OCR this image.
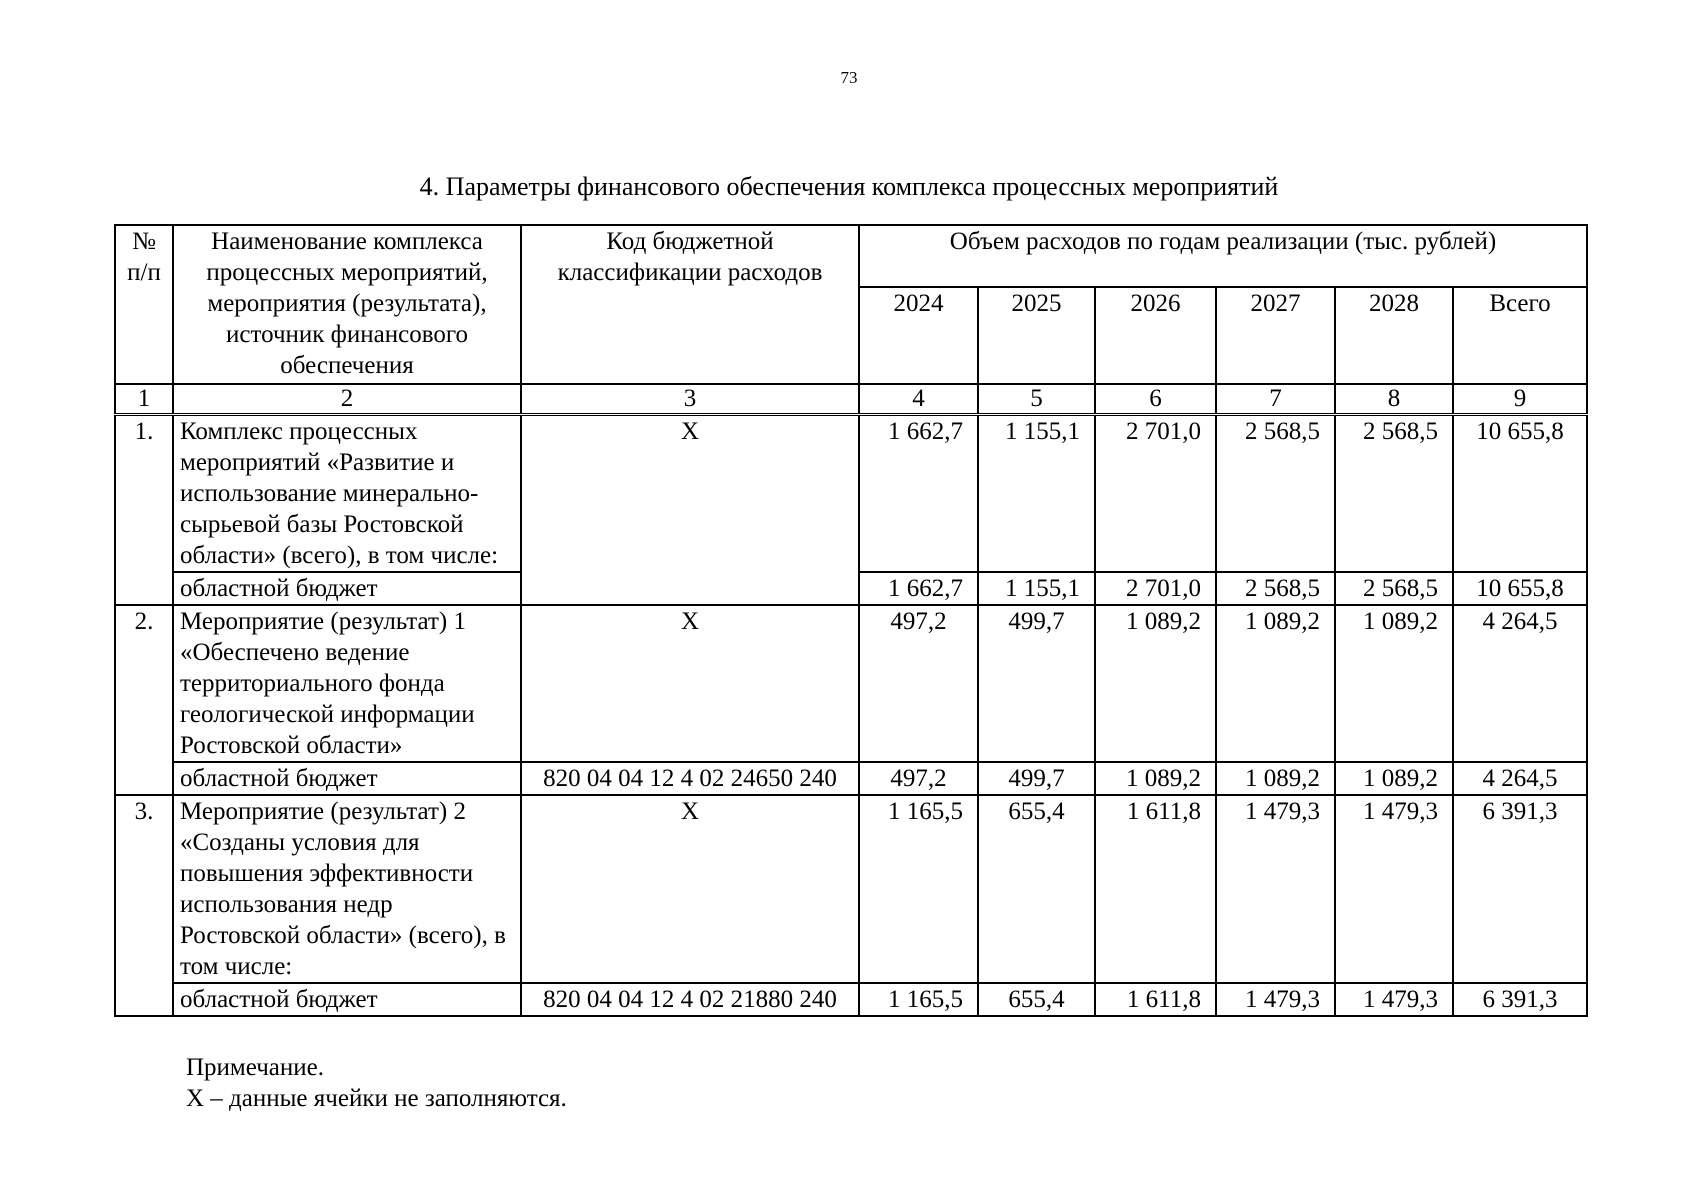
73
4. Параметры финансового обеспечения комплекса процессных мероприятий
№ п/п	Наименование комплекса процессных мероприятий, мероприятия (результата), источник финансового обеспечения	Код бюджетной классификации расходов	Объем расходов по годам реализации (тыс. рублей)					
			2024	2025	2026	2027	2028	Всего
1	2	3	4	5	6	7	8	9
1.	Комплекс процессных мероприятий «Развитие и использование минерально-сырьевой базы Ростовской области» (всего), в том числе:	X	1 662,7	1 155,1	2 701,0	2 568,5	2 568,5	10 655,8
	областной бюджет		1 662,7	1 155,1	2 701,0	2 568,5	2 568,5	10 655,8
2.	Мероприятие (результат) 1 «Обеспечено ведение территориального фонда геологической информации Ростовской области»	X	497,2	499,7	1 089,2	1 089,2	1 089,2	4 264,5
	областной бюджет	820 04 04 12 4 02 24650 240	497,2	499,7	1 089,2	1 089,2	1 089,2	4 264,5
3.	Мероприятие (результат) 2 «Созданы условия для повышения эффективности использования недр Ростовской области» (всего), в том числе:	X	1 165,5	655,4	1 611,8	1 479,3	1 479,3	6 391,3
	областной бюджет	820 04 04 12 4 02 21880 240	1 165,5	655,4	1 611,8	1 479,3	1 479,3	6 391,3
Примечание.
X – данные ячейки не заполняются.
